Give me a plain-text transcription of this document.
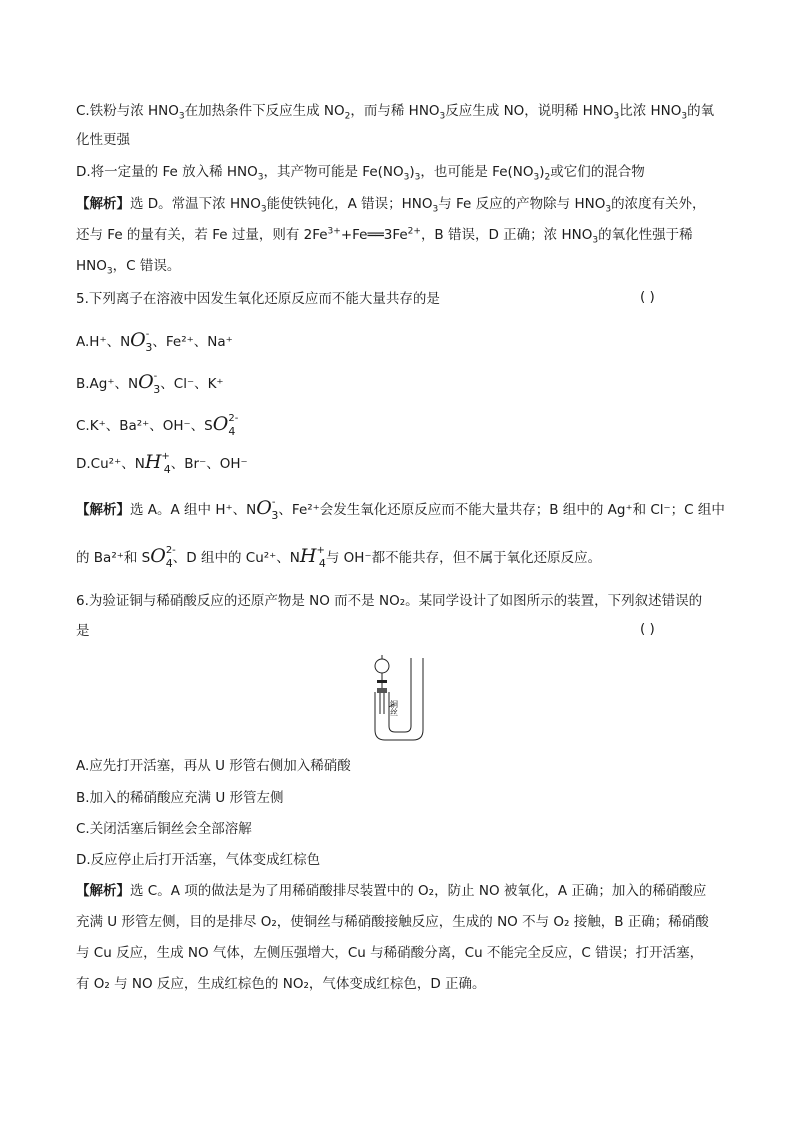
C.铁粉与浓 $HNO_3$在加热条件下反应生成 $NO_2$，而与稀 $HNO_3$反应生成 NO，说明稀 $HNO_3$比浓 $HNO_3$的氧
化性更强
D.将一定量的 Fe 放入稀 $HNO_3$，其产物可能是 $Fe(NO_3)_3$，也可能是 $Fe(NO_3)_2$或它们的混合物
【解析】选 D。常温下浓 $HNO_3$能使铁钝化，A 错误；$HNO_3$与 Fe 反应的产物除与 $HNO_3$的浓度有关外，
还与 Fe 的量有关，若 Fe 过量，则有 $2Fe^{3+}+Fe══3Fe^{2+}$，B 错误，D 正确；浓 $HNO_3$的氧化性强于稀
$HNO_3$，C 错误。
5.下列离子在溶液中因发生氧化还原反应而不能大量共存的是	( )
A.H⁺、$NO^-_3$、Fe²⁺、Na⁺
B.Ag⁺、$NO^-_3$、Cl⁻、K⁺
C.K⁺、Ba²⁺、OH⁻、$SO^{2-}_4$
D.Cu²⁺、$NH^+_4$、Br⁻、OH⁻
【解析】选 A。A 组中 H⁺、$NO^-_3$、Fe²⁺会发生氧化还原反应而不能大量共存；B 组中的 Ag⁺和 Cl⁻；C 组中
的 Ba²⁺和 $SO^{2-}_4$、D 组中的 Cu²⁺、$NH^+_4$与 OH⁻都不能共存，但不属于氧化还原反应。
6.为验证铜与稀硝酸反应的还原产物是 NO 而不是 NO₂。某同学设计了如图所示的装置，下列叙述错误的
是	( )
铜丝
A.应先打开活塞，再从 U 形管右侧加入稀硝酸
B.加入的稀硝酸应充满 U 形管左侧
C.关闭活塞后铜丝会全部溶解
D.反应停止后打开活塞，气体变成红棕色
【解析】选 C。A 项的做法是为了用稀硝酸排尽装置中的 O₂，防止 NO 被氧化，A 正确；加入的稀硝酸应
充满 U 形管左侧，目的是排尽 O₂，使铜丝与稀硝酸接触反应，生成的 NO 不与 O₂ 接触，B 正确；稀硝酸
与 Cu 反应，生成 NO 气体，左侧压强增大，Cu 与稀硝酸分离，Cu 不能完全反应，C 错误；打开活塞，
有 O₂ 与 NO 反应，生成红棕色的 NO₂，气体变成红棕色，D 正确。
